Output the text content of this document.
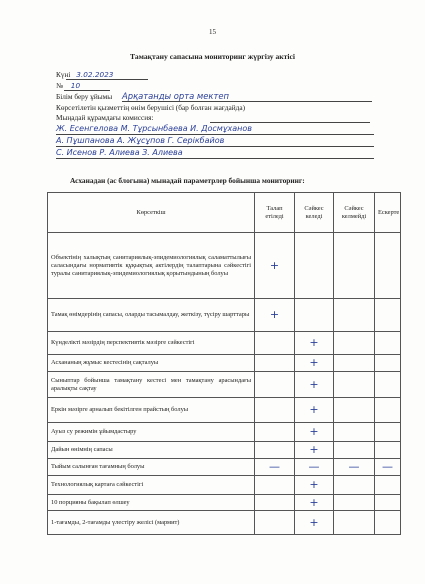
15
Тамақтану сапасына мониторинг жүргізу актісі
Күні 3.02.2023
№ 10
Білім беру ұйымы Арқатанды орта мектеп
Көрсетілетін қызметтің өнім берушісі (бар болған жағдайда)
Мыңадай құрамдағы комиссия:
Ж. Есенгелова М. Тұрсынбаева И. Досмұханов
А. Пұшпанова А. Жұсұпов Г. Серікбайов
С. Исенов Р. Алиева З. Алиева
Асханадан (ас блогына) мынадай параметрлер бойынша мониторинг:
Көрсеткіш	Талап етіледі	Сәйкес келеді	Сәйкес келмейді	Ескерте
Объектінің халықтың санитариялық-эпидемиологиялық саламаттылығы саласындағы нормативтік құқықтық актілердің талаптарына сәйкестігі туралы санитариялық-эпидемиологиялық қорытындының болуы	+			
Тамақ өнімдерінің сапасы, оларды тасымалдау, жеткізу, түсіру шарттары	+			
Күнделікті мәзірдің перспективтік мәзірге сәйкестігі		+		
Асхананың жұмыс кестесінің сақталуы		+		
Сыныптар бойынша тамақтану кестесі мен тамақтану арасындағы аралықты сақтау		+		
Еркін мәзірге арналып бекітілген прайстың болуы		+		
Ауыз су режимін ұйымдастыру		+		
Дайын өнімнің сапасы		+		
Тыйым салынған тағамның болуы	—	—	—	—
Технологиялық картаға сәйкестігі		+		
10 порцияны бақылап өлшеу		+		
1-тағамды, 2-тағамды үлестіру желісі (мармит)		+		
